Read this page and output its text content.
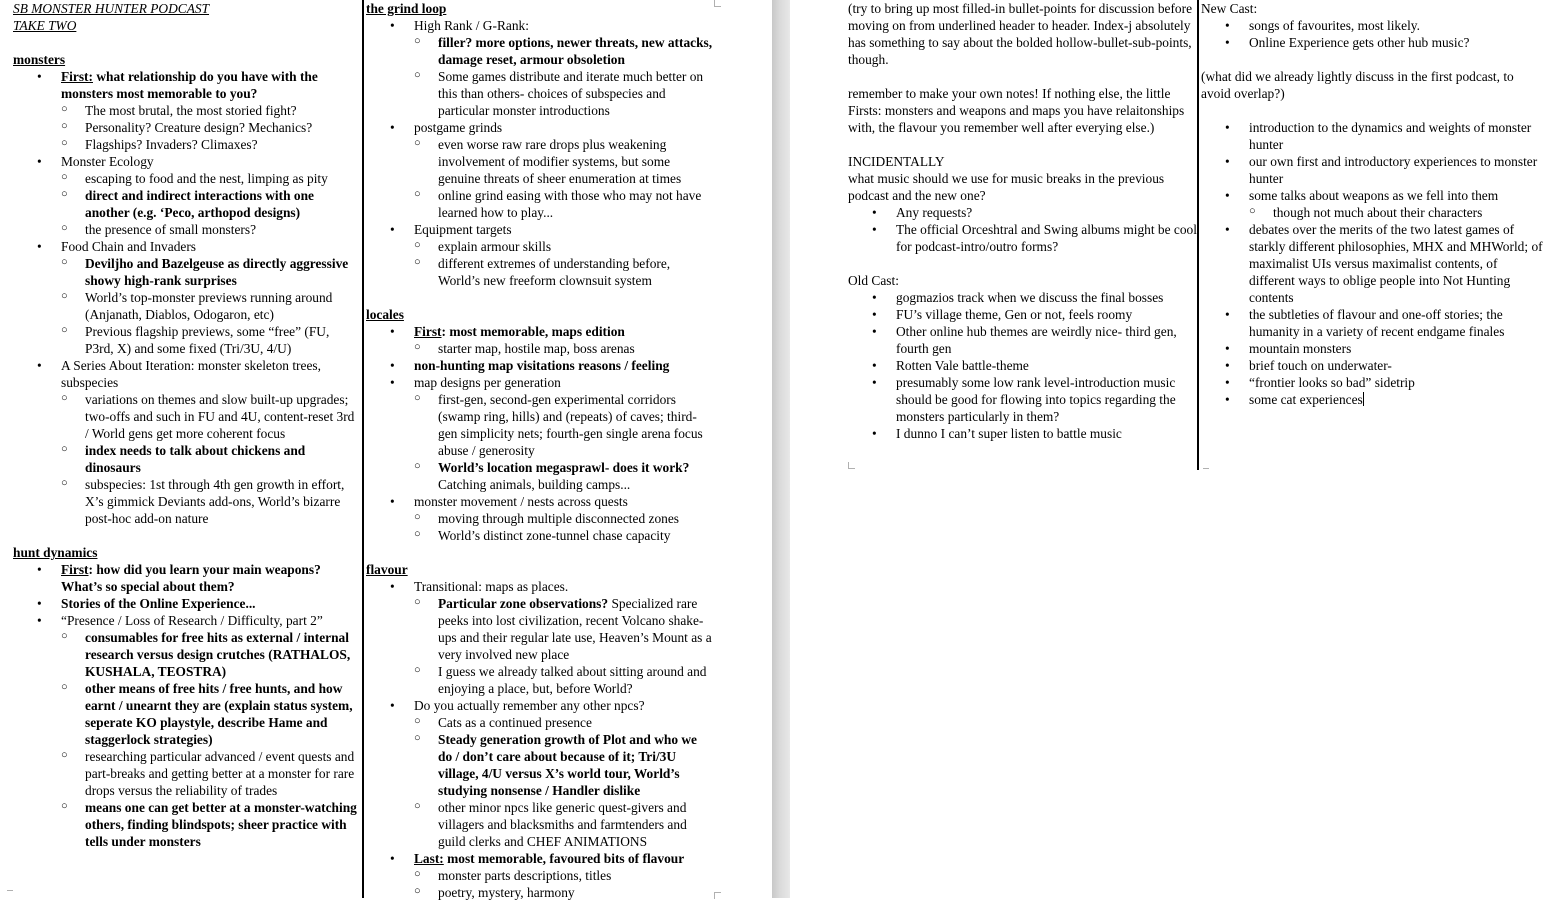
SB MONSTER HUNTER PODCAST
TAKE TWO
monsters
• First: what relationship do you have with the monsters most memorable to you?
○ The most brutal, the most storied fight?
○ Personality? Creature design? Mechanics?
○ Flagships? Invaders? Climaxes?
• Monster Ecology
○ escaping to food and the nest, limping as pity
○ direct and indirect interactions with one another (e.g. ‘Peco, arthopod designs)
○ the presence of small monsters?
• Food Chain and Invaders
○ Deviljho and Bazelgeuse as directly aggressive showy high-rank surprises
○ World’s top-monster previews running around (Anjanath, Diablos, Odogaron, etc)
○ Previous flagship previews, some “free” (FU, P3rd, X) and some fixed (Tri/3U, 4/U)
• A Series About Iteration: monster skeleton trees, subspecies
○ variations on themes and slow built-up upgrades; two-offs and such in FU and 4U, content-reset 3rd / World gens get more coherent focus
○ index needs to talk about chickens and dinosaurs
○ subspecies: 1st through 4th gen growth in effort, X’s gimmick Deviants add-ons, World’s bizarre post-hoc add-on nature
hunt dynamics
• First: how did you learn your main weapons? What’s so special about them?
• Stories of the Online Experience...
• “Presence / Loss of Research / Difficulty, part 2”
○ consumables for free hits as external / internal research versus design crutches (RATHALOS, KUSHALA, TEOSTRA)
○ other means of free hits / free hunts, and how earnt / unearnt they are (explain status system, seperate KO playstyle, describe Hame and staggerlock strategies)
○ researching particular advanced / event quests and part-breaks and getting better at a monster for rare drops versus the reliability of trades
○ means one can get better at a monster-watching others, finding blindspots; sheer practice with tells under monsters
the grind loop
• High Rank / G-Rank:
○ filler? more options, newer threats, new attacks, damage reset, armour obsoletion
○ Some games distribute and iterate much better on this than others- choices of subspecies and particular monster introductions
• postgame grinds
○ even worse raw rare drops plus weakening involvement of modifier systems, but some genuine threats of sheer enumeration at times
○ online grind easing with those who may not have learned how to play...
• Equipment targets
○ explain armour skills
○ different extremes of understanding before, World’s new freeform clownsuit system
locales
• First: most memorable, maps edition
○ starter map, hostile map, boss arenas
• non-hunting map visitations reasons / feeling
• map designs per generation
○ first-gen, second-gen experimental corridors (swamp ring, hills) and (repeats) of caves; third-gen simplicity nets; fourth-gen single arena focus abuse / generosity
○ World’s location megasprawl- does it work? Catching animals, building camps...
• monster movement / nests across quests
○ moving through multiple disconnected zones
○ World’s distinct zone-tunnel chase capacity
flavour
• Transitional: maps as places.
○ Particular zone observations? Specialized rare peeks into lost civilization, recent Volcano shake-ups and their regular late use, Heaven’s Mount as a very involved new place
○ I guess we already talked about sitting around and enjoying a place, but, before World?
• Do you actually remember any other npcs?
○ Cats as a continued presence
○ Steady generation growth of Plot and who we do / don’t care about because of it; Tri/3U village, 4/U versus X’s world tour, World’s studying nonsense / Handler dislike
○ other minor npcs like generic quest-givers and villagers and blacksmiths and farmtenders and guild clerks and CHEF ANIMATIONS
• Last: most memorable, favoured bits of flavour
○ monster parts descriptions, titles
○ poetry, mystery, harmony
(try to bring up most filled-in bullet-points for discussion before moving on from underlined header to header. Index-j absolutely has something to say about the bolded hollow-bullet-sub-points, though.
remember to make your own notes! If nothing else, the little Firsts: monsters and weapons and maps you have relaitonships with, the flavour you remember well after everying else.)
INCIDENTALLY
what music should we use for music breaks in the previous podcast and the new one?
• Any requests?
• The official Orceshtral and Swing albums might be cool for podcast-intro/outro forms?
Old Cast:
• gogmazios track when we discuss the final bosses
• FU’s village theme, Gen or not, feels roomy
• Other online hub themes are weirdly nice- third gen, fourth gen
• Rotten Vale battle-theme
• presumably some low rank level-introduction music should be good for flowing into topics regarding the monsters particularly in them?
• I dunno I can’t super listen to battle music
New Cast:
• songs of favourites, most likely.
• Online Experience gets other hub music?
(what did we already lightly discuss in the first podcast, to avoid overlap?)
• introduction to the dynamics and weights of monster hunter
• our own first and introductory experiences to monster hunter
• some talks about weapons as we fell into them
○ though not much about their characters
• debates over the merits of the two latest games of starkly different philosophies, MHX and MHWorld; of maximalist UIs versus maximalist contents, of different ways to oblige people into Not Hunting contents
• the subtleties of flavour and one-off stories; the humanity in a variety of recent endgame finales
• mountain monsters
• brief touch on underwater-
• “frontier looks so bad” sidetrip
• some cat experiences
